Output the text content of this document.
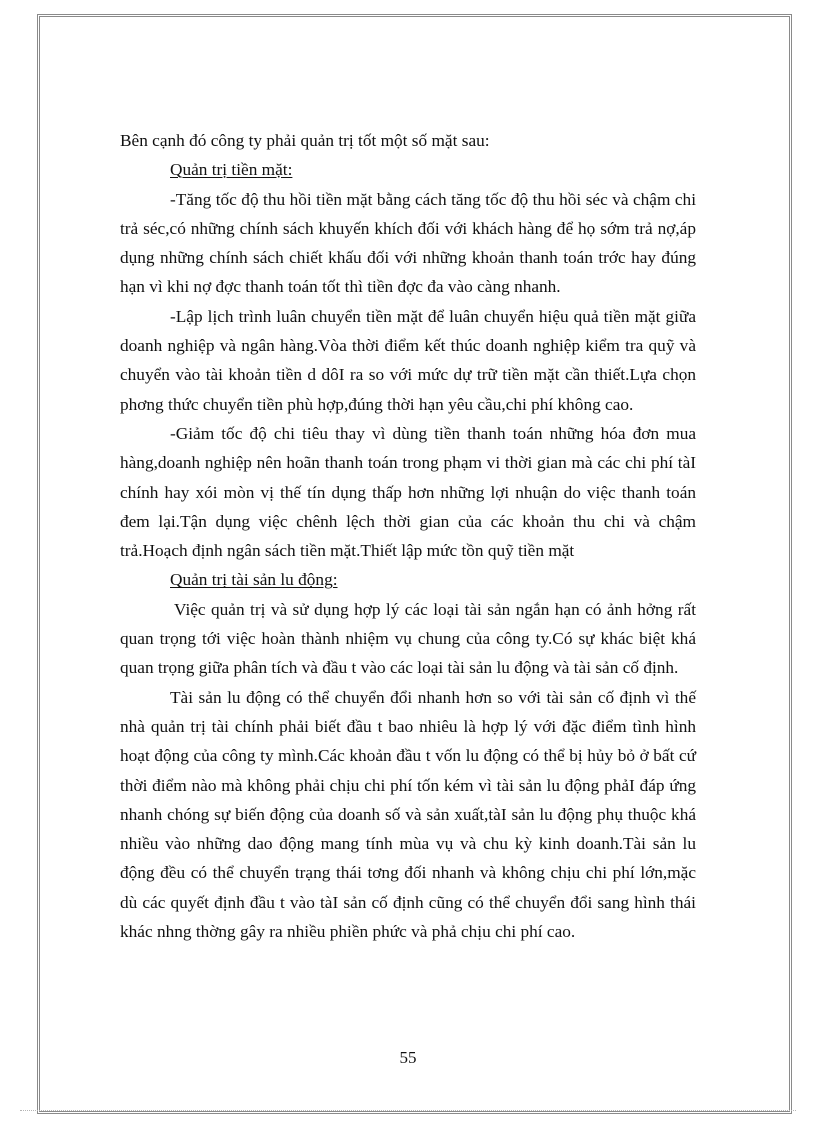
Bên cạnh đó công ty phải quản trị tốt một số mặt sau:

Quản trị tiền mặt:

-Tăng tốc độ thu hồi tiền mặt bằng cách tăng tốc độ thu hồi séc và chậm chi trả séc,có những chính sách khuyến khích đối với khách hàng để họ sớm trả nợ,áp dụng những chính sách chiết khấu đối với những khoản thanh toán trớc hay đúng hạn vì khi nợ đợc thanh toán tốt thì tiền đợc đa vào càng nhanh.

-Lập lịch trình luân chuyển tiền mặt để luân chuyển hiệu quả tiền mặt giữa doanh nghiệp và ngân hàng.Vòa thời điểm kết thúc doanh nghiệp kiểm tra quỹ và chuyển vào tài khoản tiền d dôI ra so với mức dự trữ tiền mặt cần thiết.Lựa chọn phơng thức chuyển tiền phù hợp,đúng thời hạn yêu cầu,chi phí không cao.

-Giảm tốc độ chi tiêu thay vì dùng tiền thanh toán những hóa đơn mua hàng,doanh nghiệp nên hoãn thanh toán trong phạm vi thời gian mà các chi phí tàI chính hay xói mòn vị thế tín dụng thấp hơn những lợi nhuận do việc thanh toán đem lại.Tận dụng việc chênh lệch thời gian của các khoản thu chi và chậm trả.Hoạch định ngân sách tiền mặt.Thiết lập mức tồn quỹ tiền mặt

Quản trị tài sản lu động:

Việc quản trị và sử dụng hợp lý các loại tài sản ngắn hạn có ảnh hởng rất quan trọng tới việc hoàn thành nhiệm vụ chung của công ty.Có sự khác biệt khá quan trọng giữa phân tích và đầu t vào các loại tài sản lu động và tài sản cố định.

Tài sản lu động có thể chuyển đổi nhanh hơn so với tài sản cố định vì thế nhà quản trị tài chính phải biết đầu t bao nhiêu là hợp lý với đặc điểm tình hình hoạt động của công ty mình.Các khoản đầu t vốn lu động có thể bị hủy bỏ ở bất cứ thời điểm nào mà không phải chịu chi phí tốn kém vì tài sản lu động phảI đáp ứng nhanh chóng sự biến động của doanh số và sản xuất,tàI sản lu động phụ thuộc khá nhiều vào những dao động mang tính mùa vụ và chu kỳ kinh doanh.Tài sản lu động đều có thể chuyển trạng thái tơng đối nhanh và không chịu chi phí lớn,mặc dù các quyết định đầu t vào tàI sản cố định cũng có thể chuyển đổi sang hình thái khác nhng thờng gây ra nhiều phiền phức và phả chịu chi phí cao.

55
